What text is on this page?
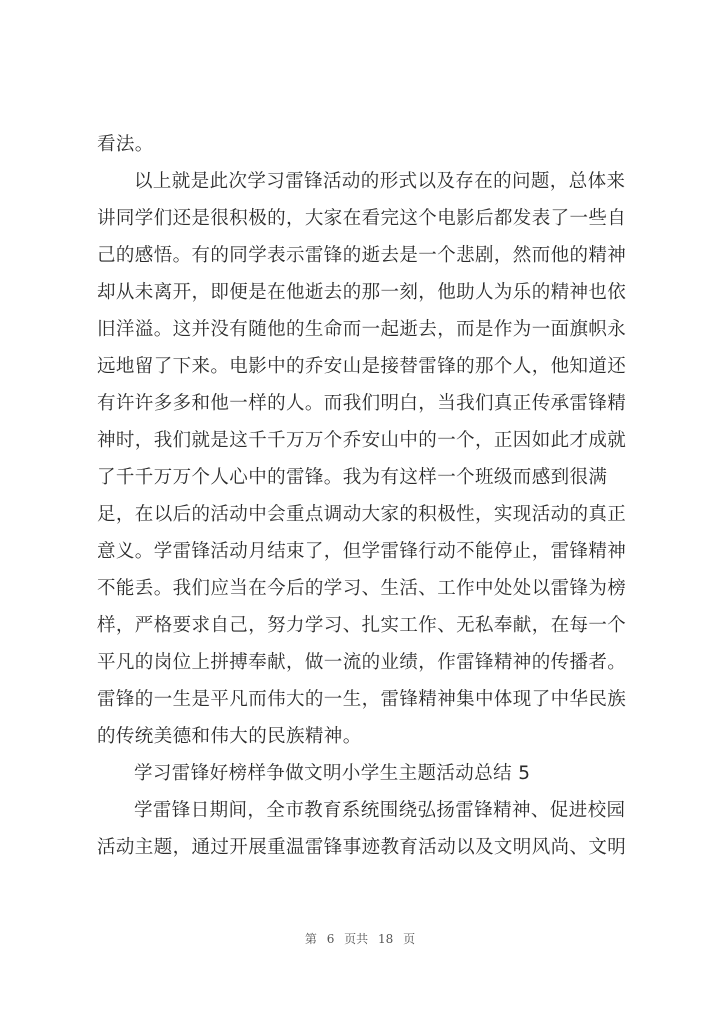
看法。
以上就是此次学习雷锋活动的形式以及存在的问题，总体来
讲同学们还是很积极的，大家在看完这个电影后都发表了一些自
己的感悟。有的同学表示雷锋的逝去是一个悲剧，然而他的精神
却从未离开，即便是在他逝去的那一刻，他助人为乐的精神也依
旧洋溢。这并没有随他的生命而一起逝去，而是作为一面旗帜永
远地留了下来。电影中的乔安山是接替雷锋的那个人，他知道还
有许许多多和他一样的人。而我们明白，当我们真正传承雷锋精
神时，我们就是这千千万万个乔安山中的一个，正因如此才成就
了千千万万个人心中的雷锋。我为有这样一个班级而感到很满
足，在以后的活动中会重点调动大家的积极性，实现活动的真正
意义。学雷锋活动月结束了，但学雷锋行动不能停止，雷锋精神
不能丢。我们应当在今后的学习、生活、工作中处处以雷锋为榜
样，严格要求自己，努力学习、扎实工作、无私奉献，在每一个
平凡的岗位上拼搏奉献，做一流的业绩，作雷锋精神的传播者。
雷锋的一生是平凡而伟大的一生，雷锋精神集中体现了中华民族
的传统美德和伟大的民族精神。
学习雷锋好榜样争做文明小学生主题活动总结 5
学雷锋日期间，全市教育系统围绕弘扬雷锋精神、促进校园
活动主题，通过开展重温雷锋事迹教育活动以及文明风尚、文明
第 6 页共 18 页
